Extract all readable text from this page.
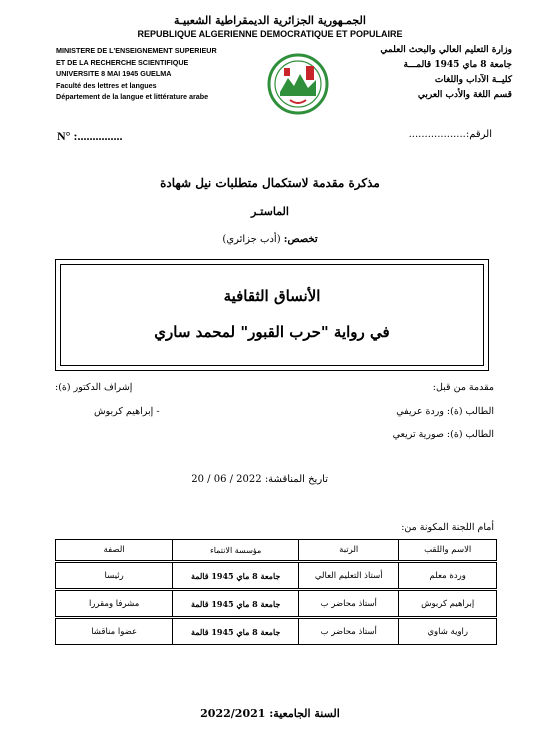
الجمـهورية الجزائرية الديمقراطية الشعبيـة
REPUBLIQUE ALGERIENNE DEMOCRATIQUE ET POPULAIRE
MINISTERE DE L'ENSEIGNEMENT SUPERIEUR
ET DE LA RECHERCHE SCIENTIFIQUE
UNIVERSITE 8 MAI 1945 GUELMA
Faculté des lettres et langues
Département de la langue et littérature arabe
وزارة التعليم العالي والبحث العلمي
جامعة 8 ماي 1945 قالمـــة
كليــة الآداب واللغات
قسم اللغة والأدب العربي
N° :...............	الرقم:..................
مذكرة مقدمة لاستكمال متطلبات نيل شهادة
الماستـر
تخصص: (أدب جزائري)
الأنساق الثقافية
في رواية "حرب القبور" لمحمد ساري
مقدمة من قبل:
إشراف الدكتور (ة):
الطالب (ة): وردة عريفي
- إبراهيم كربوش
الطالب (ة): صورية تريعي
تاريخ المناقشة: 2022 / 06 / 20
أمام اللجنة المكونة من:
الاسم واللقب	الرتبة	مؤسسة الانتماء	الصفة
وردة معلم	أستاذ التعليم العالي	جامعة 8 ماي 1945 قالمة	رئيسا
إبراهيم كربوش	أستاذ محاضر ب	جامعة 8 ماي 1945 قالمة	مشرفا ومقررا
راوية شاوي	أستاذ محاضر ب	جامعة 8 ماي 1945 قالمة	عضوا مناقشا
السنة الجامعية: 2022/2021
